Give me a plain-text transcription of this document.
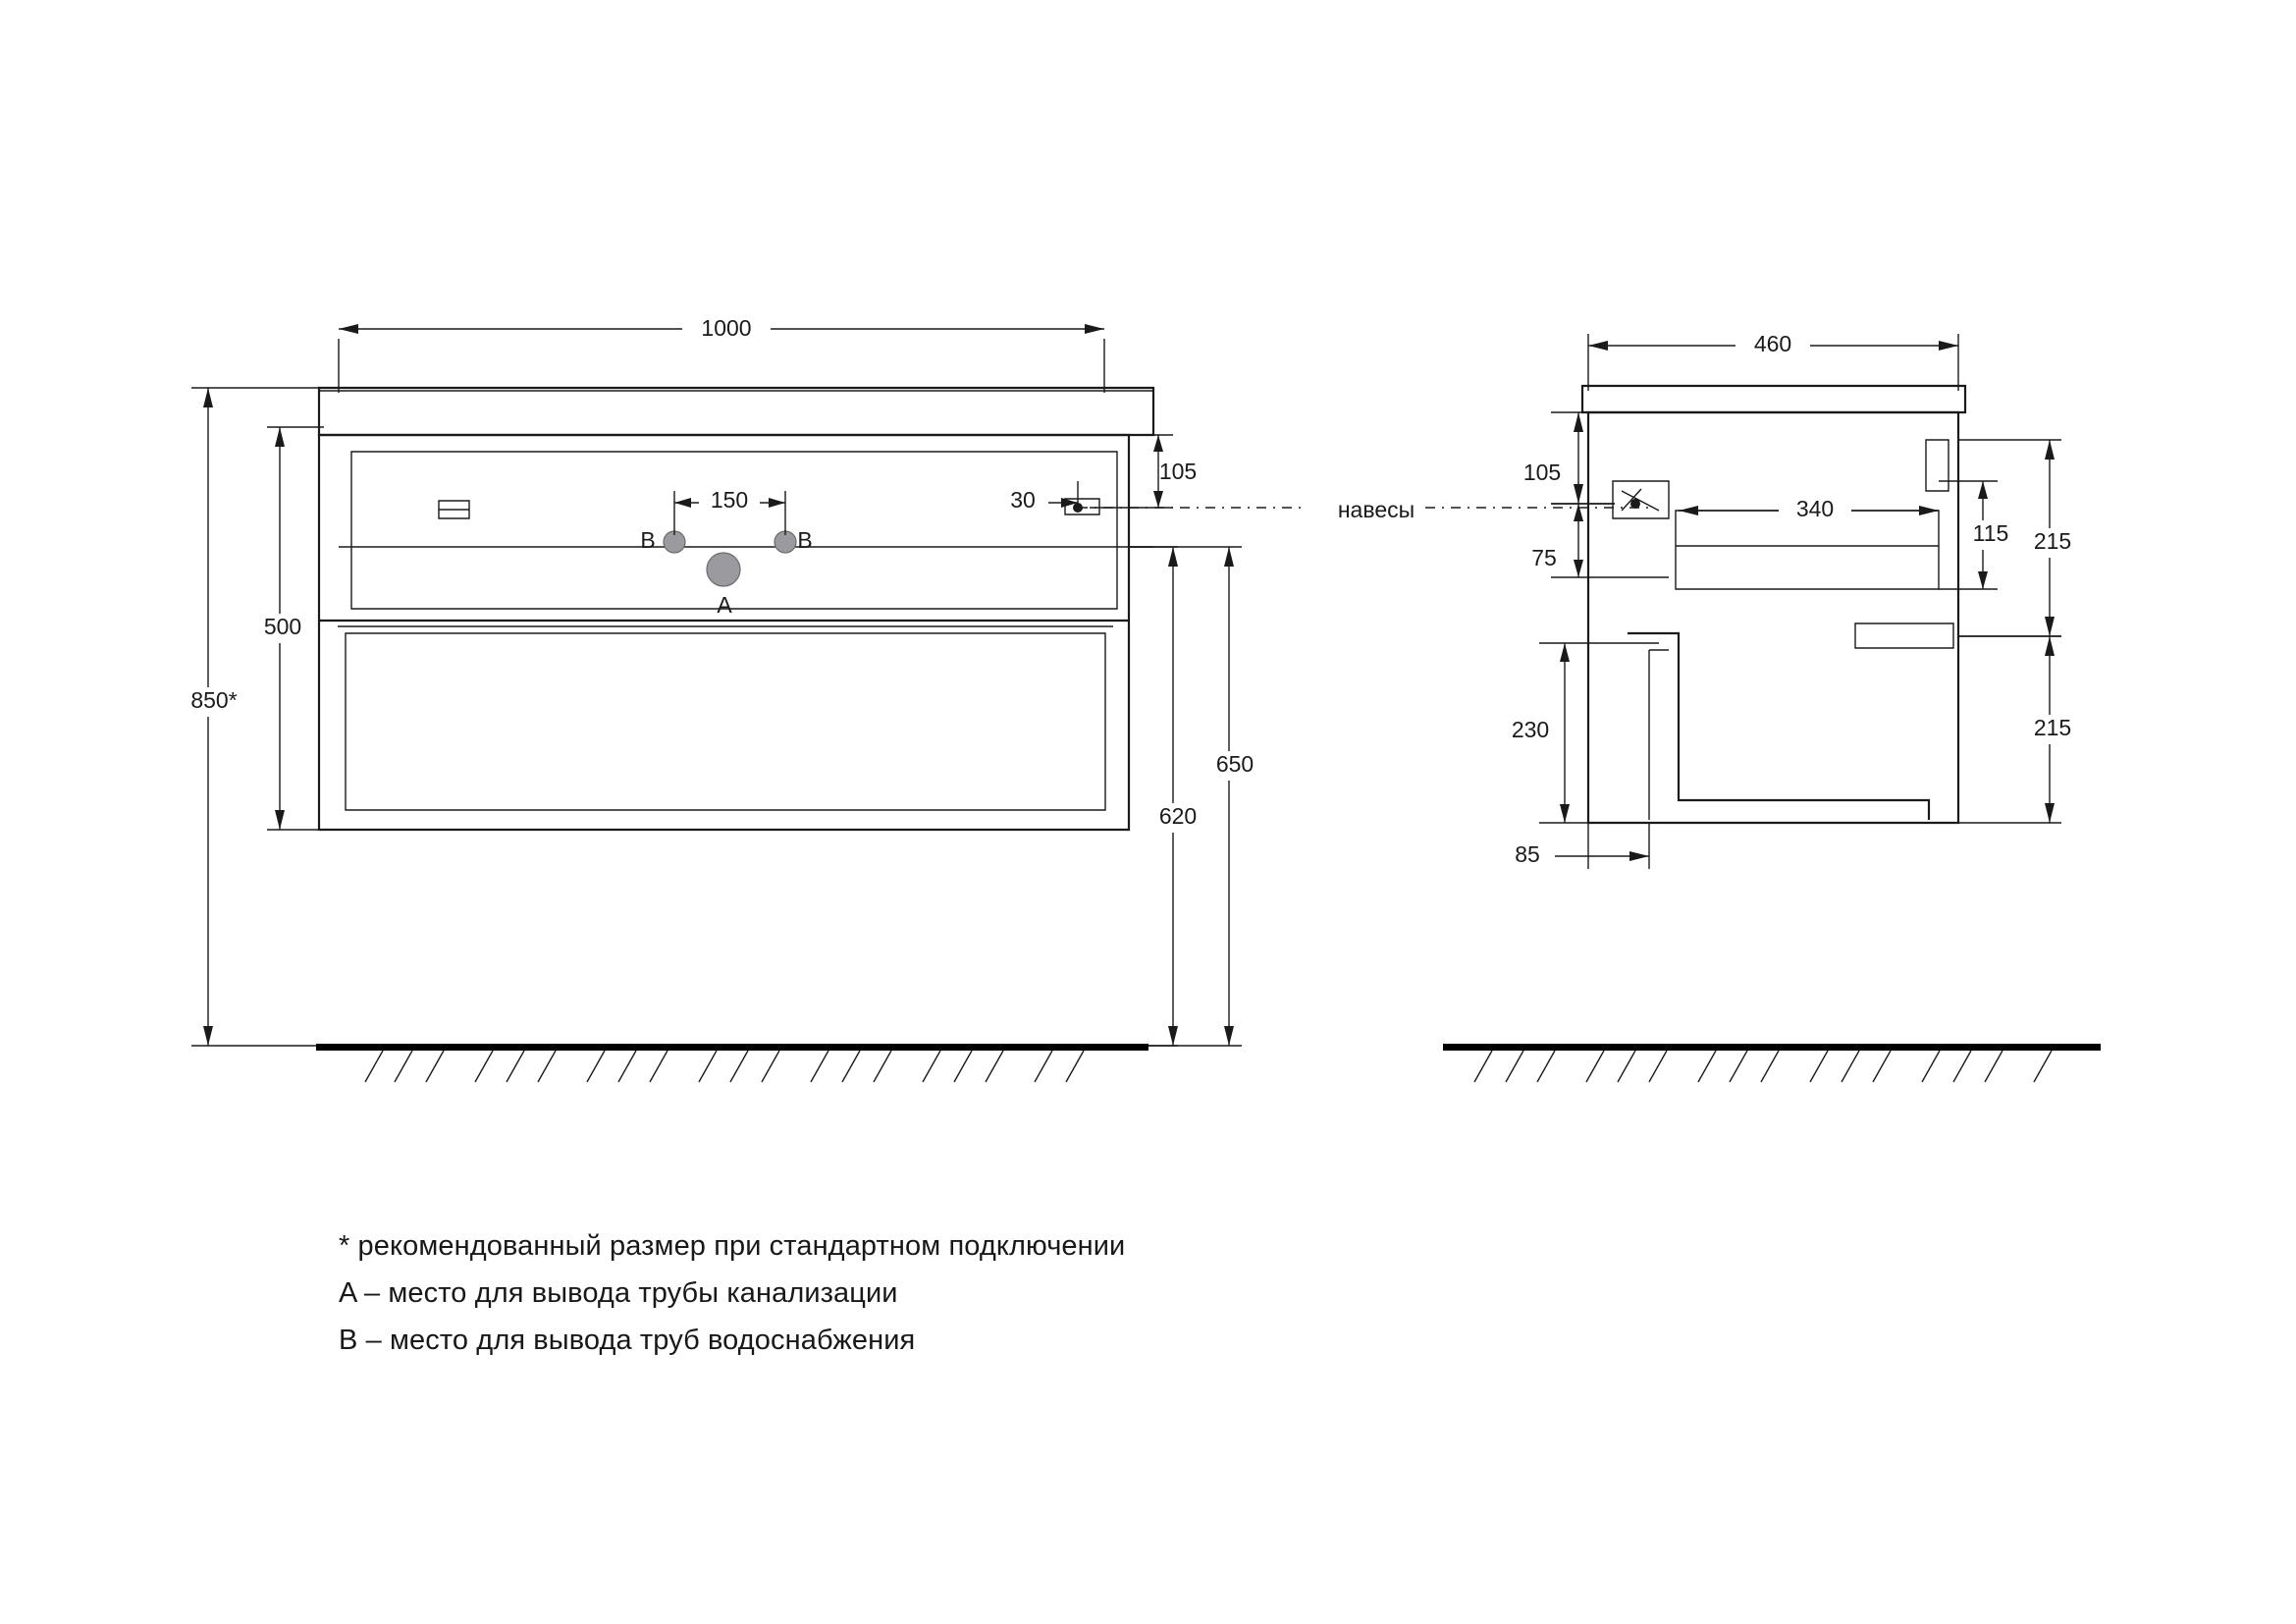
B	B
A
навесы
1000
150	30
105
500
850*
650
620
460
340
85
105
75
230
115 215
215
* рекомендованный размер при стандартном подключении
A – место для вывода трубы канализации
B – место для вывода труб водоснабжения
